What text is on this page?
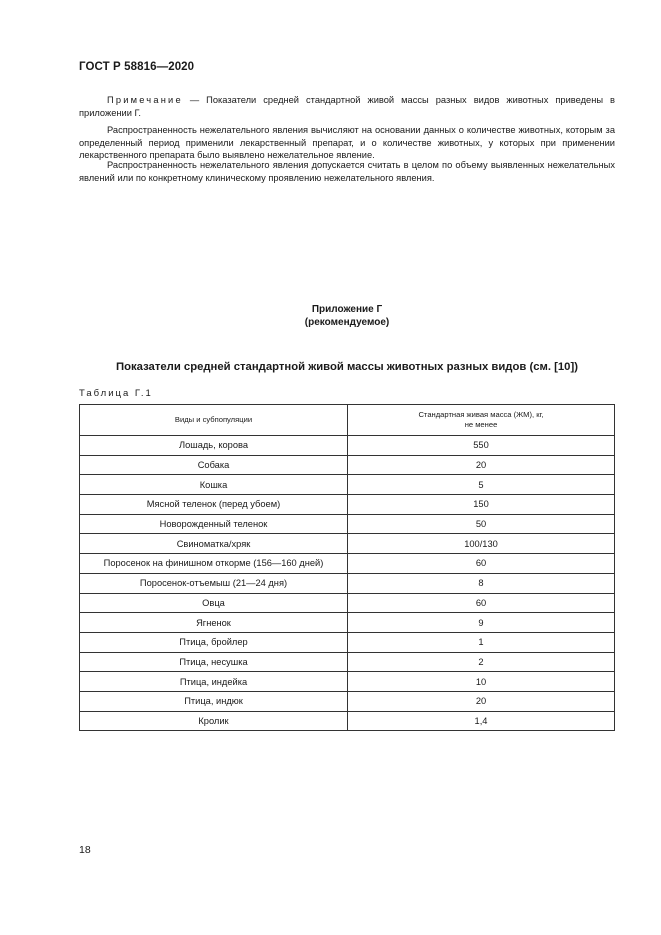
ГОСТ Р 58816—2020

Примечание — Показатели средней стандартной живой массы разных видов животных приведены в приложении Г.

Распространенность нежелательного явления вычисляют на основании данных о количестве животных, которым за определенный период применили лекарственный препарат, и о количестве животных, у которых при применении лекарственного препарата было выявлено нежелательное явление.

Распространенность нежелательного явления допускается считать в целом по объему выявленных нежелательных явлений или по конкретному клиническому проявлению нежелательного явления.

Приложение Г
(рекомендуемое)
Показатели средней стандартной живой массы животных разных видов (см. [10])
Таблица Г.1
Виды и субпопуляции	Стандартная живая масса (ЖМ), кг,
не менее

Лошадь, корова	550
Собака	20
Кошка	5
Мясной теленок (перед убоем)	150
Новорожденный теленок	50
Свиноматка/хряк	100/130
Поросенок на финишном откорме (156—160 дней)	60
Поросенок-отъемыш (21—24 дня)	8
Овца	60
Ягненок	9
Птица, бройлер	1
Птица, несушка	2
Птица, индейка	10
Птица, индюк	20
Кролик	1,4
18
